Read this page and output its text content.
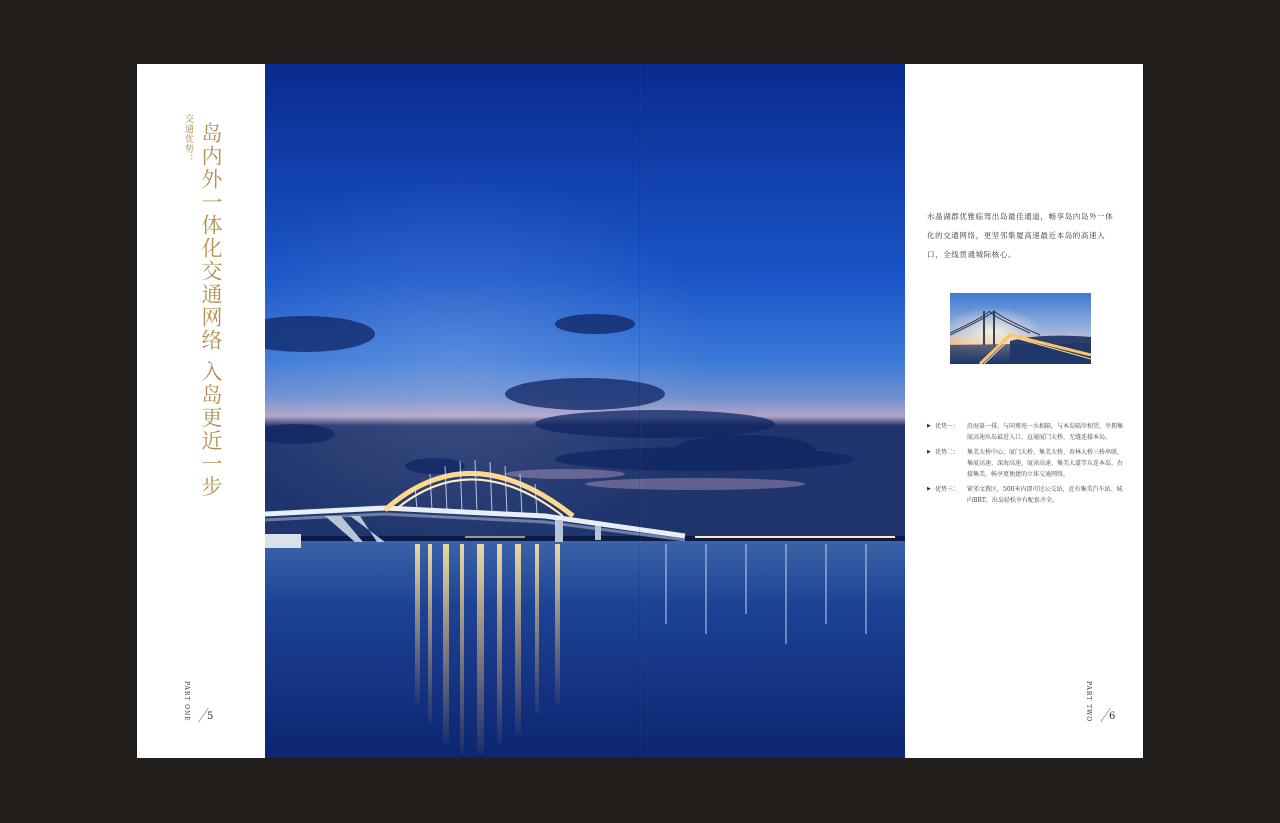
交通优势： 岛内外一体化交通网络 入岛更近一步
PART ONE 5

水晶湖郡优雅临驾出岛最佳通道，畅享岛内岛外一体化的交通网络，更坚邻集厦高速最近本岛的高速入口，全线贯通城际核心。

▶ 优势一：	沿海第一排，与同博苑一水相隔，与本岛隔岸相望，坐拥集厦高速出岛最近入口，直通厦门大桥，无缝连接本岛。
▶ 优势二：	集美大桥中心，厦门大桥、集美大桥、杏林大桥三桥串联，集厦高速、深海高速、厦漳高速、集美大道等东连本岛，右接集美，畅享更便捷的立体交通网络。
▶ 优势三：	紧邻文教区，500米内即可达公交站，近有集美汽车站、城内BRT，出岛轻松享有配套齐全。
PART TWO 6
